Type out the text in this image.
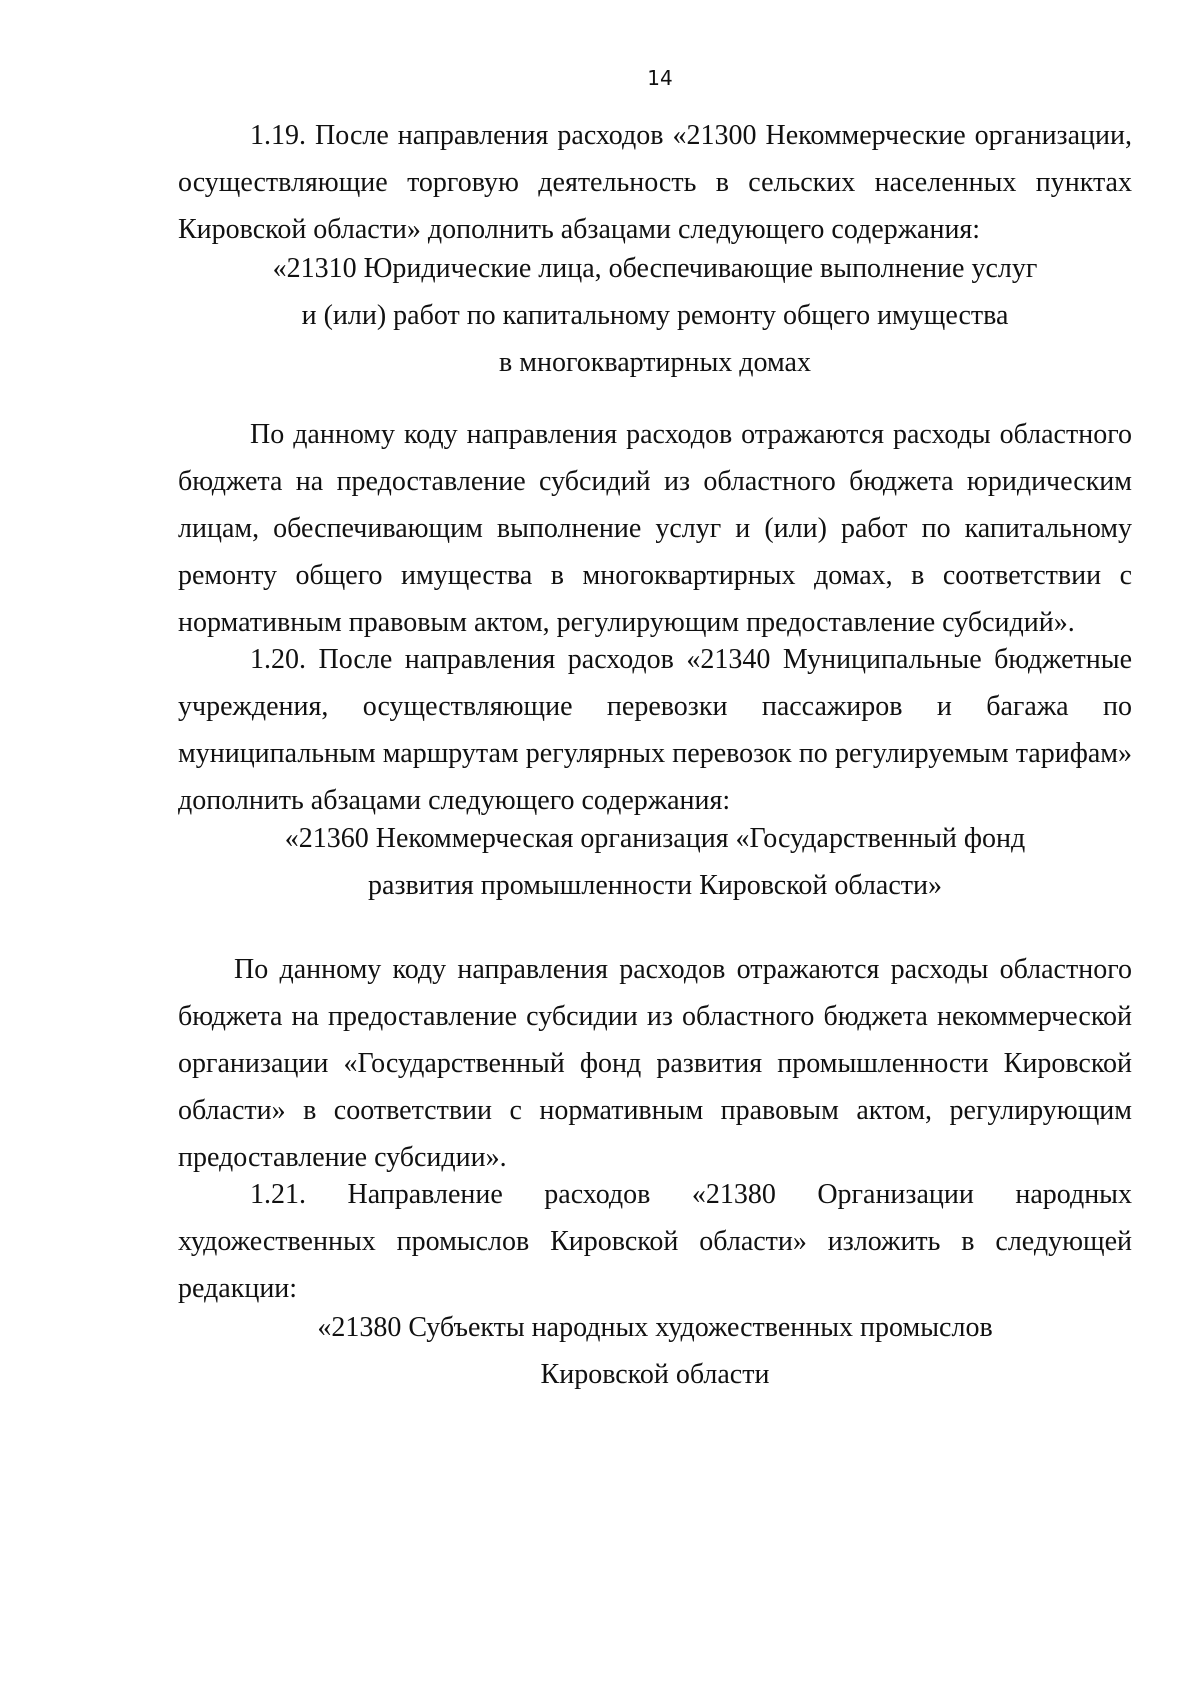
14

1.19. После направления расходов «21300 Некоммерческие организации, осуществляющие торговую деятельность в сельских населенных пунктах Кировской области» дополнить абзацами следующего содержания:

«21310 Юридические лица, обеспечивающие выполнение услуг
и (или) работ по капитальному ремонту общего имущества
в многоквартирных домах

По данному коду направления расходов отражаются расходы областного бюджета на предоставление субсидий из областного бюджета юридическим лицам, обеспечивающим выполнение услуг и (или) работ по капитальному ремонту общего имущества в многоквартирных домах, в соответствии с нормативным правовым актом, регулирующим предоставление субсидий».

1.20. После направления расходов «21340 Муниципальные бюджетные учреждения, осуществляющие перевозки пассажиров и багажа по муниципальным маршрутам регулярных перевозок по регулируемым тарифам» дополнить абзацами следующего содержания:

«21360 Некоммерческая организация «Государственный фонд
развития промышленности Кировской области»

По данному коду направления расходов отражаются расходы областного бюджета на предоставление субсидии из областного бюджета некоммерческой организации «Государственный фонд развития промышленности Кировской области» в соответствии с нормативным правовым актом, регулирующим предоставление субсидии».

1.21. Направление расходов «21380 Организации народных художественных промыслов Кировской области» изложить в следующей редакции:

«21380 Субъекты народных художественных промыслов
Кировской области
